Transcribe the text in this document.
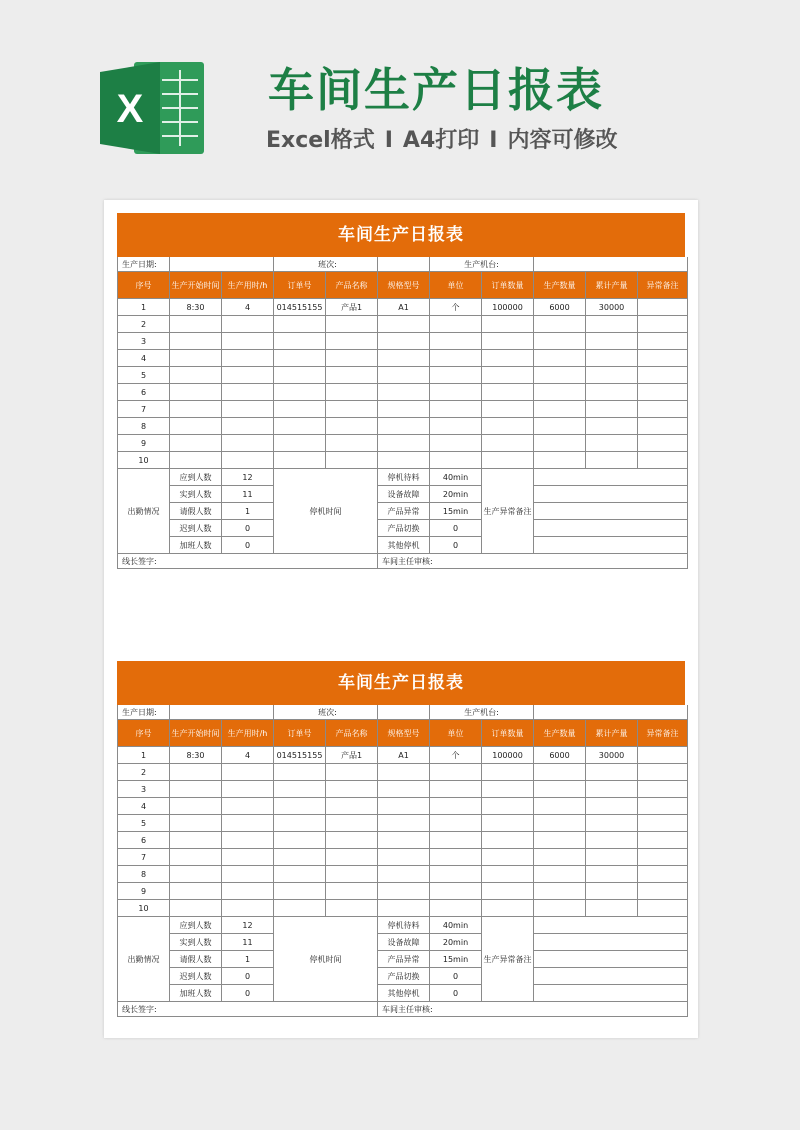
X	车间生产日报表
Excel格式 I A4打印 I 内容可修改
车间生产日报表
生产日期:			班次:			生产机台:				
序号	生产开始时间	生产用时/h	订单号	产品名称	规格型号	单位	订单数量	生产数量	累计产量	异常备注
1	8:30	4	014515155	产品1	A1	个	100000	6000	30000	
2										
3										
4										
5										
6										
7										
8										
9										
10										
出勤情况	应到人数	12	停机时间		停机待料	40min	生产异常备注			
	实到人数	11			设备故障	20min				
	请假人数	1			产品异常	15min				
	迟到人数	0			产品切换	0				
	加班人数	0			其他停机	0				
线长签字:					车间主任审核:					
车间生产日报表
生产日期:			班次:			生产机台:				
序号	生产开始时间	生产用时/h	订单号	产品名称	规格型号	单位	订单数量	生产数量	累计产量	异常备注
1	8:30	4	014515155	产品1	A1	个	100000	6000	30000	
2										
3										
4										
5										
6										
7										
8										
9										
10										
出勤情况	应到人数	12	停机时间		停机待料	40min	生产异常备注			
	实到人数	11			设备故障	20min				
	请假人数	1			产品异常	15min				
	迟到人数	0			产品切换	0				
	加班人数	0			其他停机	0				
线长签字:					车间主任审核:					
